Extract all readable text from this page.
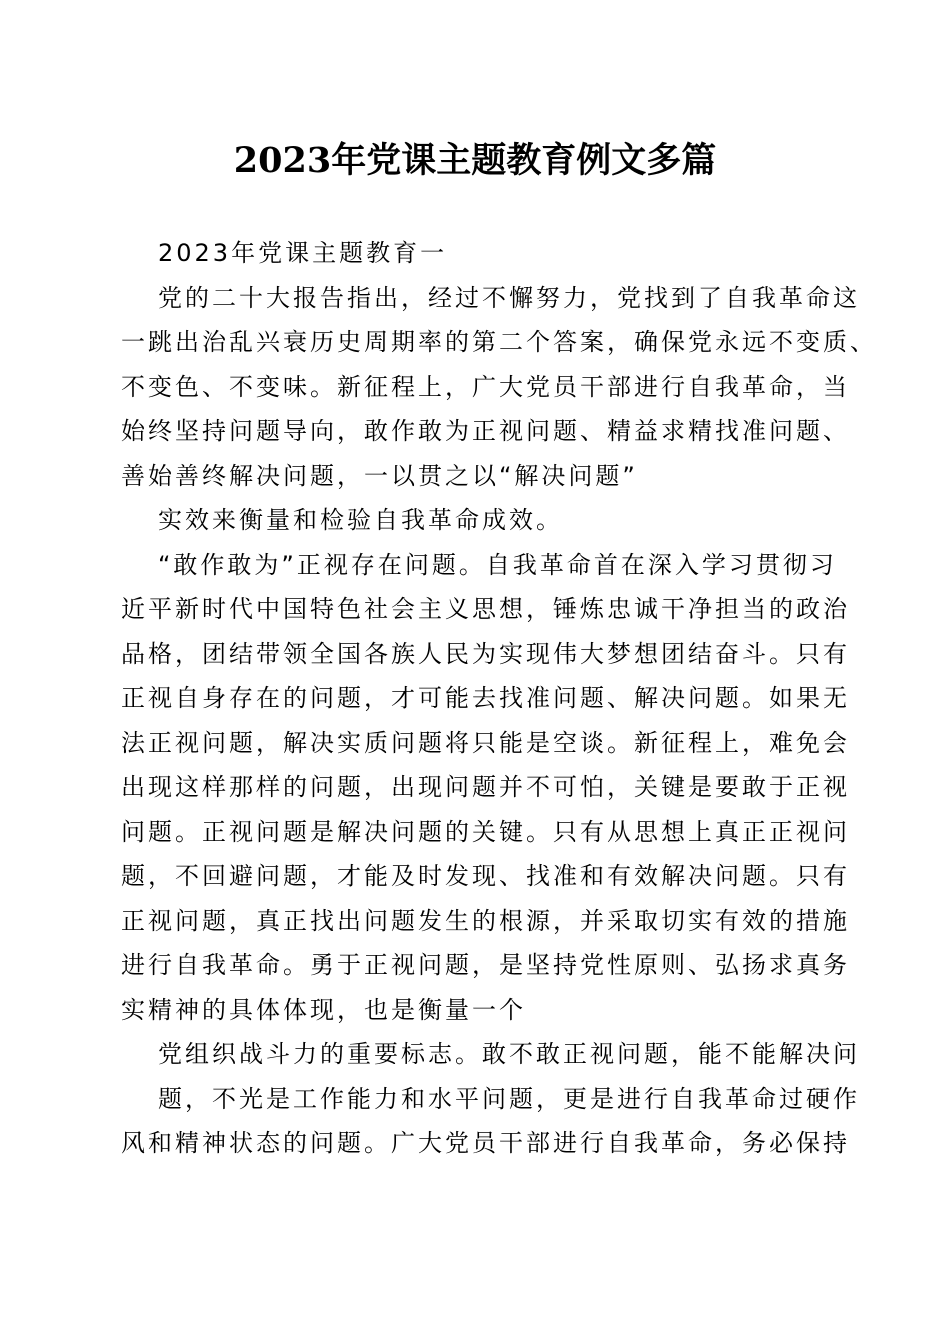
2023年党课主题教育例文多篇
2023年党课主题教育一
党的二十大报告指出，经过不懈努力，党找到了自我革命这
一跳出治乱兴衰历史周期率的第二个答案，确保党永远不变质、
不变色、不变味。新征程上，广大党员干部进行自我革命，当
始终坚持问题导向，敢作敢为正视问题、精益求精找准问题、
善始善终解决问题，一以贯之以“解决问题”
实效来衡量和检验自我革命成效。
“敢作敢为”正视存在问题。自我革命首在深入学习贯彻习
近平新时代中国特色社会主义思想，锤炼忠诚干净担当的政治
品格，团结带领全国各族人民为实现伟大梦想团结奋斗。只有
正视自身存在的问题，才可能去找准问题、解决问题。如果无
法正视问题，解决实质问题将只能是空谈。新征程上，难免会
出现这样那样的问题，出现问题并不可怕，关键是要敢于正视
问题。正视问题是解决问题的关键。只有从思想上真正正视问
题，不回避问题，才能及时发现、找准和有效解决问题。只有
正视问题，真正找出问题发生的根源，并采取切实有效的措施
进行自我革命。勇于正视问题，是坚持党性原则、弘扬求真务
实精神的具体体现，也是衡量一个
党组织战斗力的重要标志。敢不敢正视问题，能不能解决问
题，不光是工作能力和水平问题，更是进行自我革命过硬作
风和精神状态的问题。广大党员干部进行自我革命，务必保持
